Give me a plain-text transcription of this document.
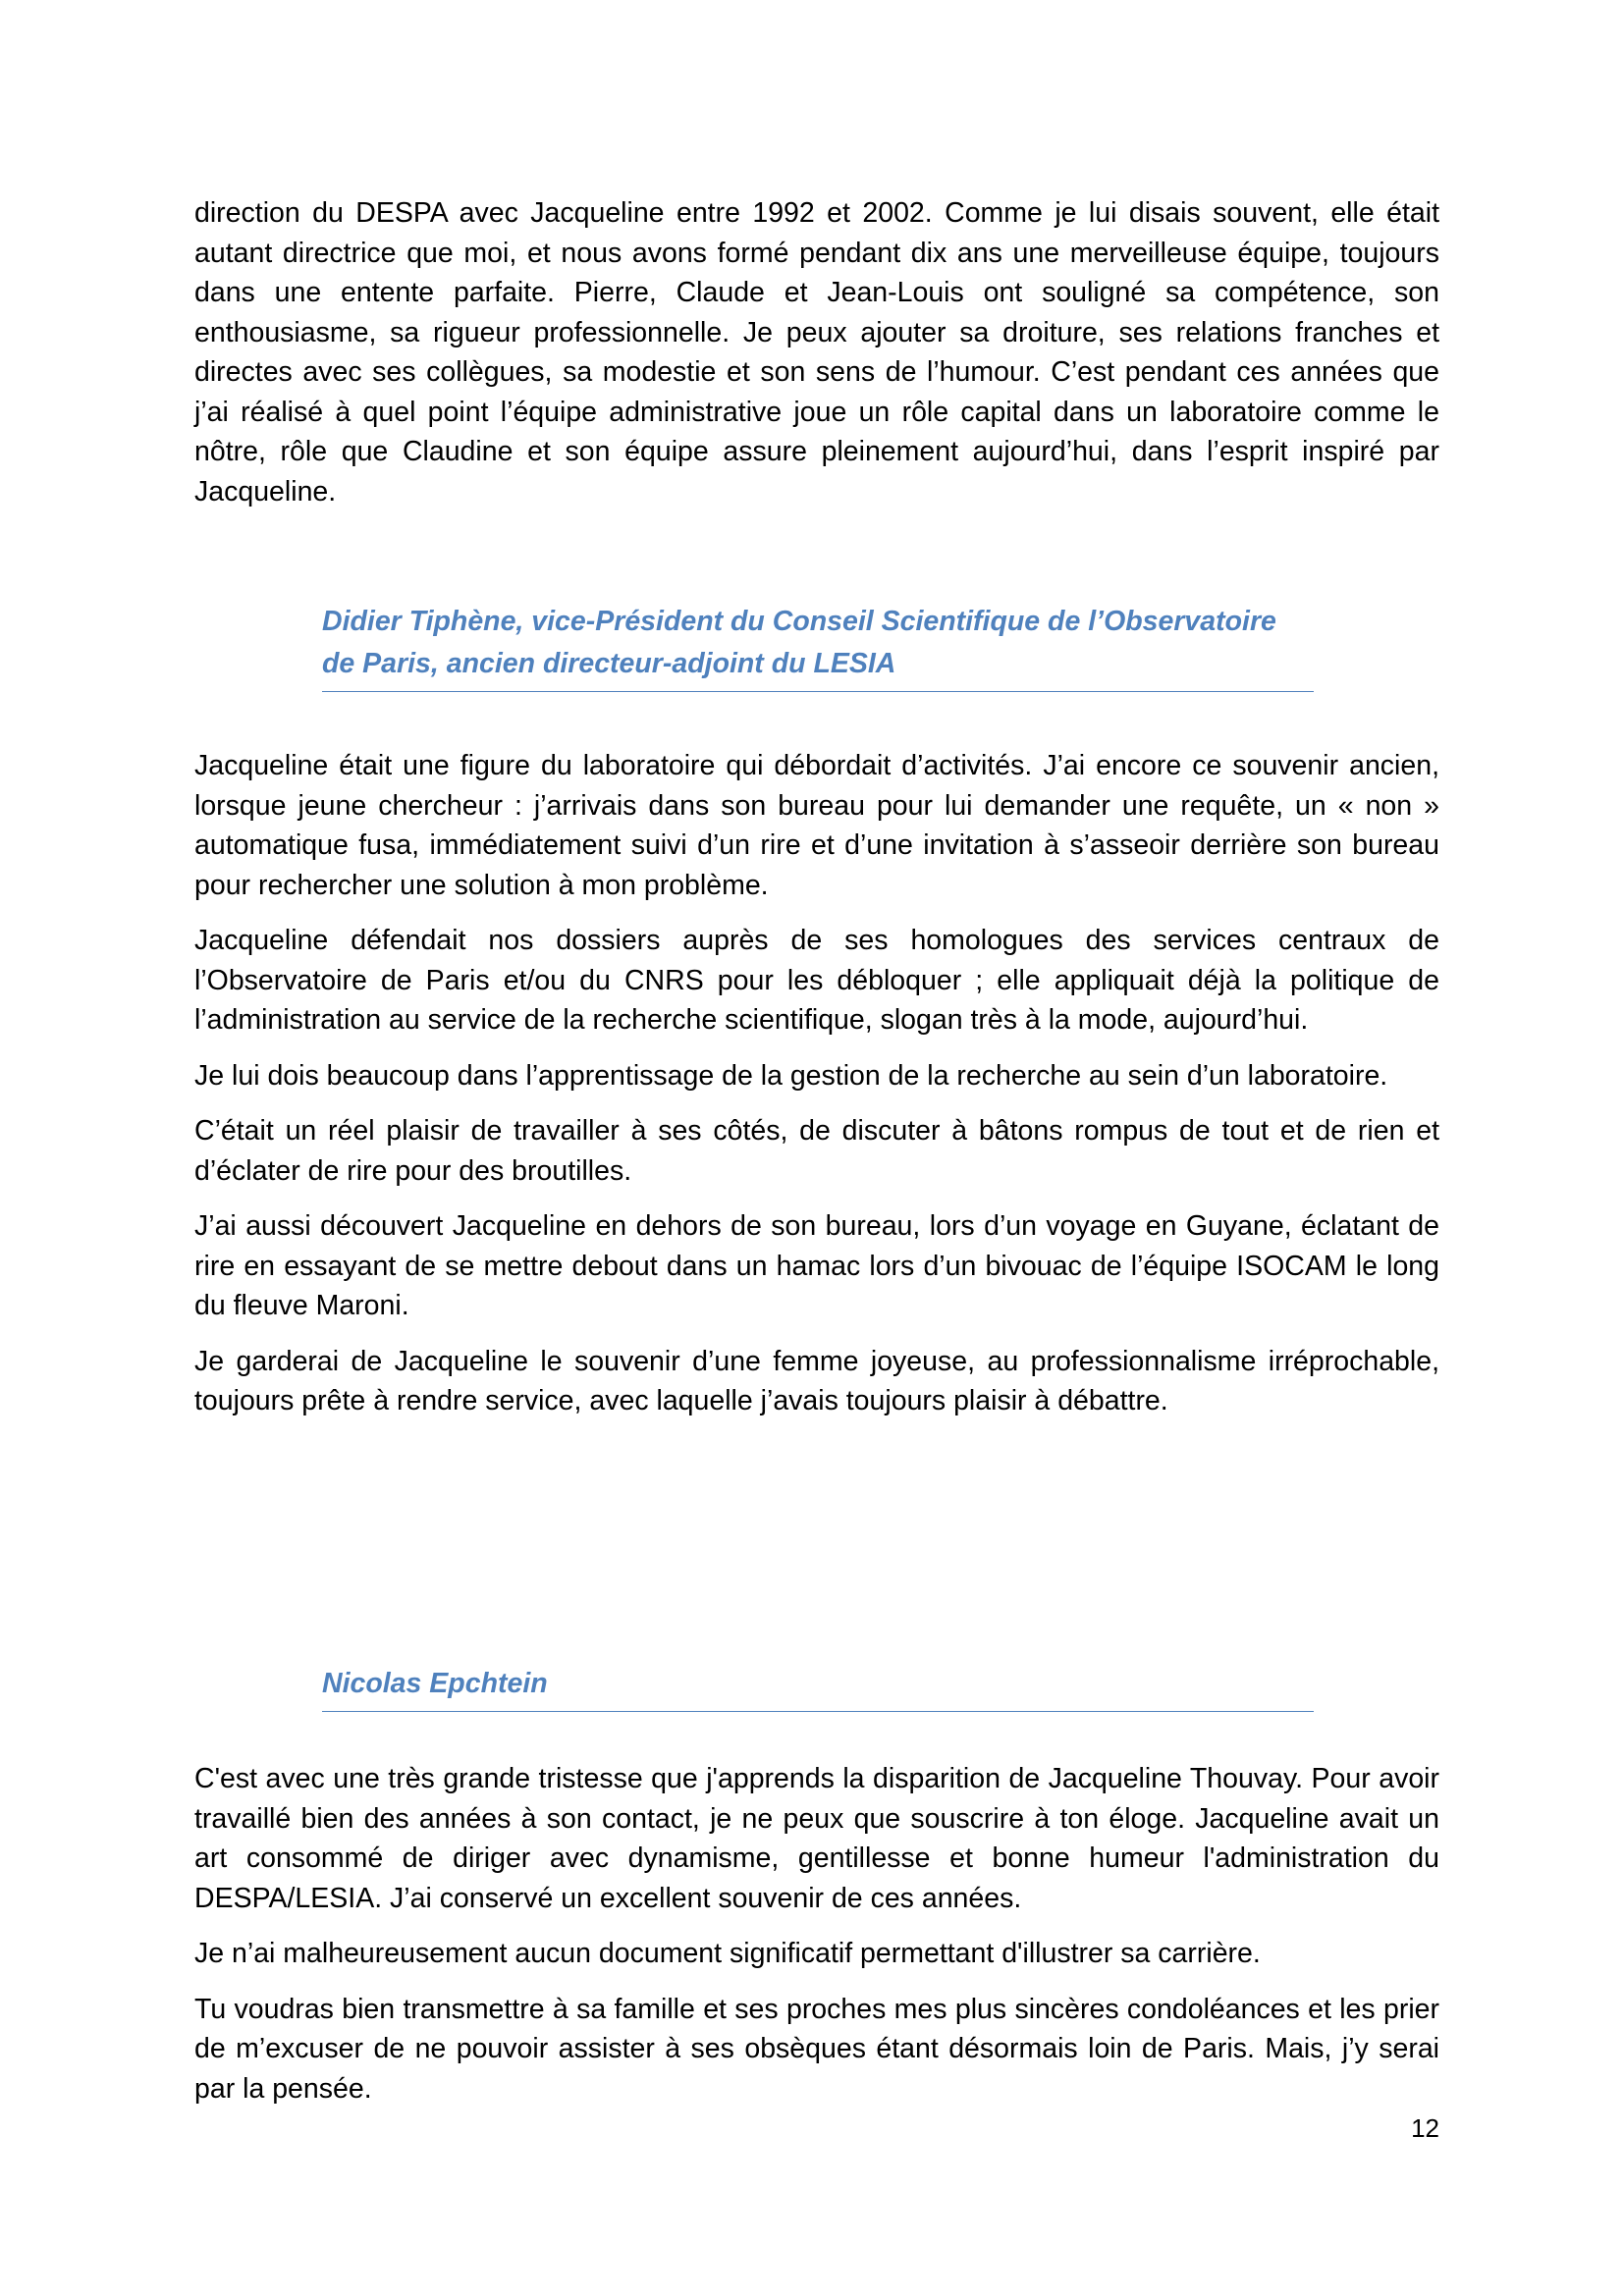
direction du DESPA avec Jacqueline entre 1992 et 2002. Comme je lui disais souvent, elle était autant directrice que moi, et nous avons formé pendant dix ans une merveilleuse équipe, toujours dans une entente parfaite. Pierre, Claude et Jean-Louis ont souligné sa compétence, son enthousiasme, sa rigueur professionnelle. Je peux ajouter sa droiture, ses relations franches et directes avec ses collègues, sa modestie et son sens de l’humour. C’est pendant ces années que j’ai réalisé à quel point l’équipe administrative joue un rôle capital dans un laboratoire comme le nôtre, rôle que Claudine et son équipe assure pleinement aujourd’hui, dans l’esprit inspiré par Jacqueline.

Didier Tiphène, vice-Président du Conseil Scientifique de l’Observatoire
de Paris, ancien directeur-adjoint du LESIA

Jacqueline était une figure du laboratoire qui débordait d’activités. J’ai encore ce souvenir ancien, lorsque jeune chercheur : j’arrivais dans son bureau pour lui demander une requête, un « non » automatique fusa, immédiatement suivi d’un rire et d’une invitation à s’asseoir derrière son bureau pour rechercher une solution à mon problème.

Jacqueline défendait nos dossiers auprès de ses homologues des services centraux de l’Observatoire de Paris et/ou du CNRS pour les débloquer ; elle appliquait déjà la politique de l’administration au service de la recherche scientifique, slogan très à la mode, aujourd’hui.

Je lui dois beaucoup dans l’apprentissage de la gestion de la recherche au sein d’un laboratoire.

C’était un réel plaisir de travailler à ses côtés, de discuter à bâtons rompus de tout et de rien et d’éclater de rire pour des broutilles.

J’ai aussi découvert Jacqueline en dehors de son bureau, lors d’un voyage en Guyane, éclatant de rire en essayant de se mettre debout dans un hamac lors d’un bivouac de l’équipe ISOCAM le long du fleuve Maroni.

Je garderai de Jacqueline le souvenir d’une femme joyeuse, au professionnalisme irréprochable, toujours prête à rendre service, avec laquelle j’avais toujours plaisir à débattre.

Nicolas Epchtein

C'est avec une très grande tristesse que j'apprends la disparition de Jacqueline Thouvay. Pour avoir travaillé bien des années à son contact, je ne peux que souscrire à ton éloge. Jacqueline avait un art consommé de diriger avec dynamisme, gentillesse et bonne humeur l'administration du DESPA/LESIA. J’ai conservé un excellent souvenir de ces années.

Je n’ai malheureusement aucun document significatif permettant d'illustrer sa carrière.

Tu voudras bien transmettre à sa famille et ses proches mes plus sincères condoléances et les prier de m’excuser de ne pouvoir assister à ses obsèques étant désormais loin de Paris. Mais, j’y serai par la pensée.

12
